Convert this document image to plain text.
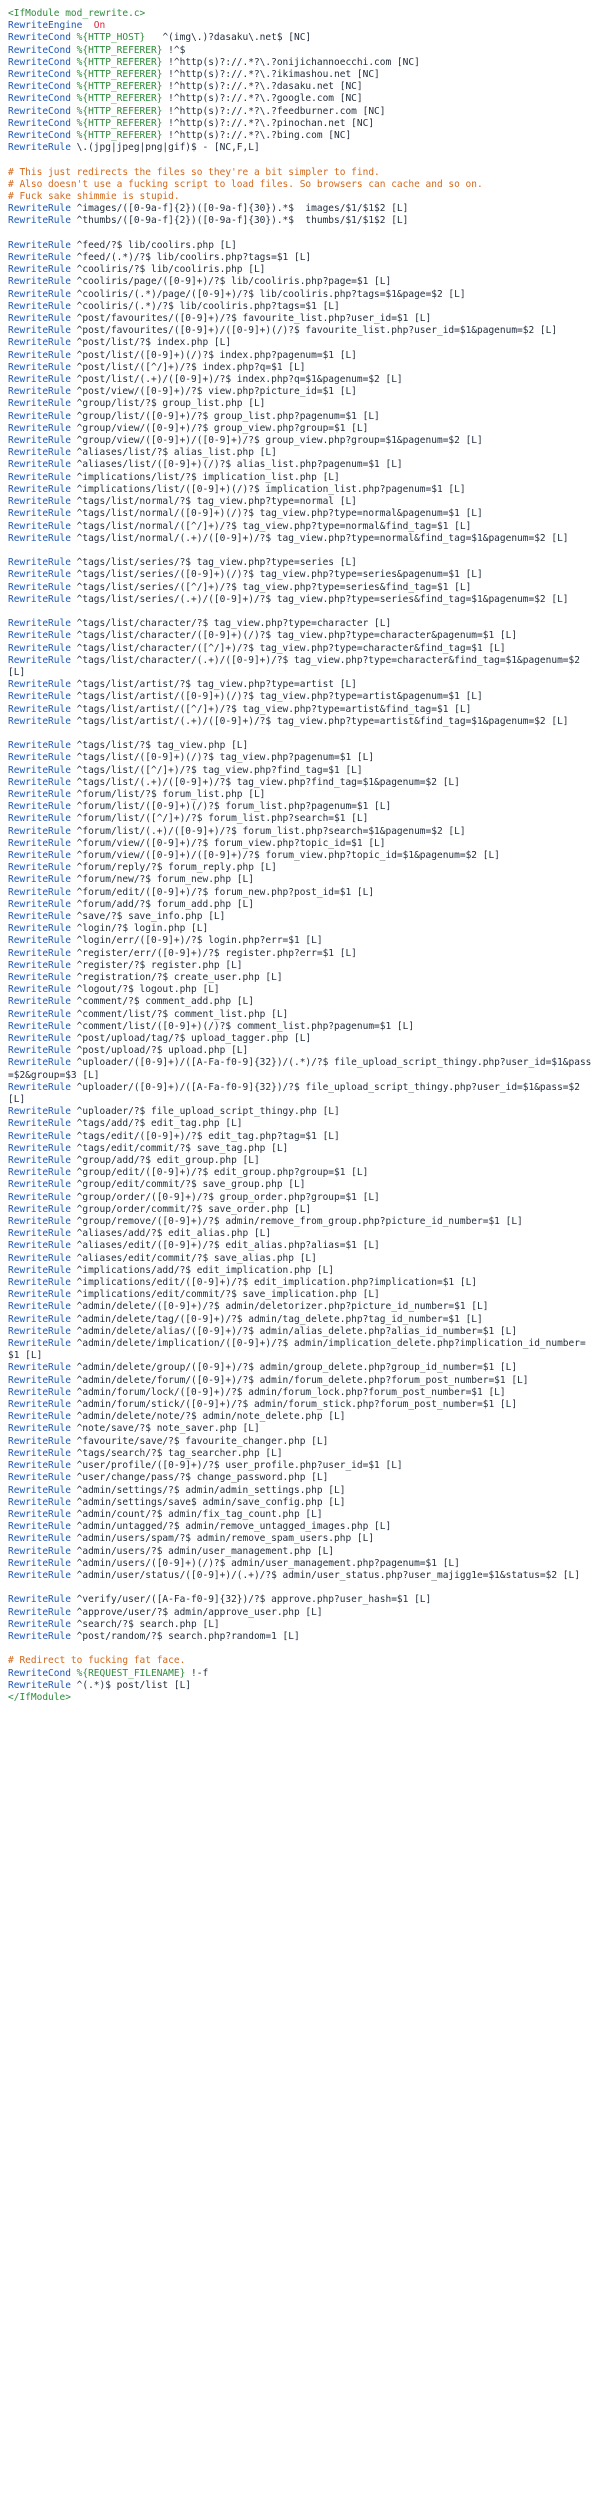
<IfModule mod_rewrite.c>
RewriteEngine  On
RewriteCond %{HTTP_HOST}   ^(img\.)?dasaku\.net$ [NC]
RewriteCond %{HTTP_REFERER} !^$
RewriteCond %{HTTP_REFERER} !^http(s)?://.*?\.?onijichannoecchi.com [NC]
RewriteCond %{HTTP_REFERER} !^http(s)?://.*?\.?ikimashou.net [NC]
RewriteCond %{HTTP_REFERER} !^http(s)?://.*?\.?dasaku.net [NC]
RewriteCond %{HTTP_REFERER} !^http(s)?://.*?\.?google.com [NC]
RewriteCond %{HTTP_REFERER} !^http(s)?://.*?\.?feedburner.com [NC]
RewriteCond %{HTTP_REFERER} !^http(s)?://.*?\.?pinochan.net [NC]
RewriteCond %{HTTP_REFERER} !^http(s)?://.*?\.?bing.com [NC]
RewriteRule \.(jpg|jpeg|png|gif)$ - [NC,F,L]
# This just redirects the files so they're a bit simpler to find.
# Also doesn't use a fucking script to load files. So browsers can cache and so on.
# Fuck sake shimmie is stupid.
RewriteRule ^images/([0-9a-f]{2})([0-9a-f]{30}).*$  images/$1/$1$2 [L]
RewriteRule ^thumbs/([0-9a-f]{2})([0-9a-f]{30}).*$  thumbs/$1/$1$2 [L]
RewriteRule ^feed/?$ lib/coolirs.php [L]
RewriteRule ^feed/(.*)/?$ lib/coolirs.php?tags=$1 [L]
RewriteRule ^cooliris/?$ lib/cooliris.php [L]
RewriteRule ^cooliris/page/([0-9]+)/?$ lib/cooliris.php?page=$1 [L]
RewriteRule ^cooliris/(.*)/page/([0-9]+)/?$ lib/cooliris.php?tags=$1&page=$2 [L]
RewriteRule ^cooliris/(.*)/?$ lib/cooliris.php?tags=$1 [L]
RewriteRule ^post/favourites/([0-9]+)/?$ favourite_list.php?user_id=$1 [L]
RewriteRule ^post/favourites/([0-9]+)/([0-9]+)(/)?$ favourite_list.php?user_id=$1&pagenum=$2 [L]
RewriteRule ^post/list/?$ index.php [L]
RewriteRule ^post/list/([0-9]+)(/)?$ index.php?pagenum=$1 [L]
RewriteRule ^post/list/([^/]+)/?$ index.php?q=$1 [L]
RewriteRule ^post/list/(.+)/([0-9]+)/?$ index.php?q=$1&pagenum=$2 [L]
RewriteRule ^post/view/([0-9]+)/?$ view.php?picture_id=$1 [L]
RewriteRule ^group/list/?$ group_list.php [L]
RewriteRule ^group/list/([0-9]+)/?$ group_list.php?pagenum=$1 [L]
RewriteRule ^group/view/([0-9]+)/?$ group_view.php?group=$1 [L]
RewriteRule ^group/view/([0-9]+)/([0-9]+)/?$ group_view.php?group=$1&pagenum=$2 [L]
RewriteRule ^aliases/list/?$ alias_list.php [L]
RewriteRule ^aliases/list/([0-9]+)(/)?$ alias_list.php?pagenum=$1 [L]
RewriteRule ^implications/list/?$ implication_list.php [L]
RewriteRule ^implications/list/([0-9]+)(/)?$ implication_list.php?pagenum=$1 [L]
RewriteRule ^tags/list/normal/?$ tag_view.php?type=normal [L]
RewriteRule ^tags/list/normal/([0-9]+)(/)?$ tag_view.php?type=normal&pagenum=$1 [L]
RewriteRule ^tags/list/normal/([^/]+)/?$ tag_view.php?type=normal&find_tag=$1 [L]
RewriteRule ^tags/list/normal/(.+)/([0-9]+)/?$ tag_view.php?type=normal&find_tag=$1&pagenum=$2 [L]
RewriteRule ^tags/list/series/?$ tag_view.php?type=series [L]
RewriteRule ^tags/list/series/([0-9]+)(/)?$ tag_view.php?type=series&pagenum=$1 [L]
RewriteRule ^tags/list/series/([^/]+)/?$ tag_view.php?type=series&find_tag=$1 [L]
RewriteRule ^tags/list/series/(.+)/([0-9]+)/?$ tag_view.php?type=series&find_tag=$1&pagenum=$2 [L]
RewriteRule ^tags/list/character/?$ tag_view.php?type=character [L]
RewriteRule ^tags/list/character/([0-9]+)(/)?$ tag_view.php?type=character&pagenum=$1 [L]
RewriteRule ^tags/list/character/([^/]+)/?$ tag_view.php?type=character&find_tag=$1 [L]
RewriteRule ^tags/list/character/(.+)/([0-9]+)/?$ tag_view.php?type=character&find_tag=$1&pagenum=$2 [L]
RewriteRule ^tags/list/artist/?$ tag_view.php?type=artist [L]
RewriteRule ^tags/list/artist/([0-9]+)(/)?$ tag_view.php?type=artist&pagenum=$1 [L]
RewriteRule ^tags/list/artist/([^/]+)/?$ tag_view.php?type=artist&find_tag=$1 [L]
RewriteRule ^tags/list/artist/(.+)/([0-9]+)/?$ tag_view.php?type=artist&find_tag=$1&pagenum=$2 [L]
RewriteRule ^tags/list/?$ tag_view.php [L]
RewriteRule ^tags/list/([0-9]+)(/)?$ tag_view.php?pagenum=$1 [L]
RewriteRule ^tags/list/([^/]+)/?$ tag_view.php?find_tag=$1 [L]
RewriteRule ^tags/list/(.+)/([0-9]+)/?$ tag_view.php?find_tag=$1&pagenum=$2 [L]
RewriteRule ^forum/list/?$ forum_list.php [L]
RewriteRule ^forum/list/([0-9]+)(/)?$ forum_list.php?pagenum=$1 [L]
RewriteRule ^forum/list/([^/]+)/?$ forum_list.php?search=$1 [L]
RewriteRule ^forum/list/(.+)/([0-9]+)/?$ forum_list.php?search=$1&pagenum=$2 [L]
RewriteRule ^forum/view/([0-9]+)/?$ forum_view.php?topic_id=$1 [L]
RewriteRule ^forum/view/([0-9]+)/([0-9]+)/?$ forum_view.php?topic_id=$1&pagenum=$2 [L]
RewriteRule ^forum/reply/?$ forum_reply.php [L]
RewriteRule ^forum/new/?$ forum_new.php [L]
RewriteRule ^forum/edit/([0-9]+)/?$ forum_new.php?post_id=$1 [L]
RewriteRule ^forum/add/?$ forum_add.php [L]
RewriteRule ^save/?$ save_info.php [L]
RewriteRule ^login/?$ login.php [L]
RewriteRule ^login/err/([0-9]+)/?$ login.php?err=$1 [L]
RewriteRule ^register/err/([0-9]+)/?$ register.php?err=$1 [L]
RewriteRule ^register/?$ register.php [L]
RewriteRule ^registration/?$ create_user.php [L]
RewriteRule ^logout/?$ logout.php [L]
RewriteRule ^comment/?$ comment_add.php [L]
RewriteRule ^comment/list/?$ comment_list.php [L]
RewriteRule ^comment/list/([0-9]+)(/)?$ comment_list.php?pagenum=$1 [L]
RewriteRule ^post/upload/tag/?$ upload_tagger.php [L]
RewriteRule ^post/upload/?$ upload.php [L]
RewriteRule ^uploader/([0-9]+)/([A-Fa-f0-9]{32})/(.*)/?$ file_upload_script_thingy.php?user_id=$1&pass=$2&group=$3 [L]
RewriteRule ^uploader/([0-9]+)/([A-Fa-f0-9]{32})/?$ file_upload_script_thingy.php?user_id=$1&pass=$2 [L]
RewriteRule ^uploader/?$ file_upload_script_thingy.php [L]
RewriteRule ^tags/add/?$ edit_tag.php [L]
RewriteRule ^tags/edit/([0-9]+)/?$ edit_tag.php?tag=$1 [L]
RewriteRule ^tags/edit/commit/?$ save_tag.php [L]
RewriteRule ^group/add/?$ edit_group.php [L]
RewriteRule ^group/edit/([0-9]+)/?$ edit_group.php?group=$1 [L]
RewriteRule ^group/edit/commit/?$ save_group.php [L]
RewriteRule ^group/order/([0-9]+)/?$ group_order.php?group=$1 [L]
RewriteRule ^group/order/commit/?$ save_order.php [L]
RewriteRule ^group/remove/([0-9]+)/?$ admin/remove_from_group.php?picture_id_number=$1 [L]
RewriteRule ^aliases/add/?$ edit_alias.php [L]
RewriteRule ^aliases/edit/([0-9]+)/?$ edit_alias.php?alias=$1 [L]
RewriteRule ^aliases/edit/commit/?$ save_alias.php [L]
RewriteRule ^implications/add/?$ edit_implication.php [L]
RewriteRule ^implications/edit/([0-9]+)/?$ edit_implication.php?implication=$1 [L]
RewriteRule ^implications/edit/commit/?$ save_implication.php [L]
RewriteRule ^admin/delete/([0-9]+)/?$ admin/deletorizer.php?picture_id_number=$1 [L]
RewriteRule ^admin/delete/tag/([0-9]+)/?$ admin/tag_delete.php?tag_id_number=$1 [L]
RewriteRule ^admin/delete/alias/([0-9]+)/?$ admin/alias_delete.php?alias_id_number=$1 [L]
RewriteRule ^admin/delete/implication/([0-9]+)/?$ admin/implication_delete.php?implication_id_number=$1 [L]
RewriteRule ^admin/delete/group/([0-9]+)/?$ admin/group_delete.php?group_id_number=$1 [L]
RewriteRule ^admin/delete/forum/([0-9]+)/?$ admin/forum_delete.php?forum_post_number=$1 [L]
RewriteRule ^admin/forum/lock/([0-9]+)/?$ admin/forum_lock.php?forum_post_number=$1 [L]
RewriteRule ^admin/forum/stick/([0-9]+)/?$ admin/forum_stick.php?forum_post_number=$1 [L]
RewriteRule ^admin/delete/note/?$ admin/note_delete.php [L]
RewriteRule ^note/save/?$ note_saver.php [L]
RewriteRule ^favourite/save/?$ favourite_changer.php [L]
RewriteRule ^tags/search/?$ tag_searcher.php [L]
RewriteRule ^user/profile/([0-9]+)/?$ user_profile.php?user_id=$1 [L]
RewriteRule ^user/change/pass/?$ change_password.php [L]
RewriteRule ^admin/settings/?$ admin/admin_settings.php [L]
RewriteRule ^admin/settings/save$ admin/save_config.php [L]
RewriteRule ^admin/count/?$ admin/fix_tag_count.php [L]
RewriteRule ^admin/untagged/?$ admin/remove_untagged_images.php [L]
RewriteRule ^admin/users/spam/?$ admin/remove_spam_users.php [L]
RewriteRule ^admin/users/?$ admin/user_management.php [L]
RewriteRule ^admin/users/([0-9]+)(/)?$ admin/user_management.php?pagenum=$1 [L]
RewriteRule ^admin/user/status/([0-9]+)/(.+)/?$ admin/user_status.php?user_majigg1e=$1&status=$2 [L]
RewriteRule ^verify/user/([A-Fa-f0-9]{32})/?$ approve.php?user_hash=$1 [L]
RewriteRule ^approve/user/?$ admin/approve_user.php [L]
RewriteRule ^search/?$ search.php [L]
RewriteRule ^post/random/?$ search.php?random=1 [L]
# Redirect to fucking fat face.
RewriteCond %{REQUEST_FILENAME} !-f
RewriteRule ^(.*)$ post/list [L]
</IfModule>
